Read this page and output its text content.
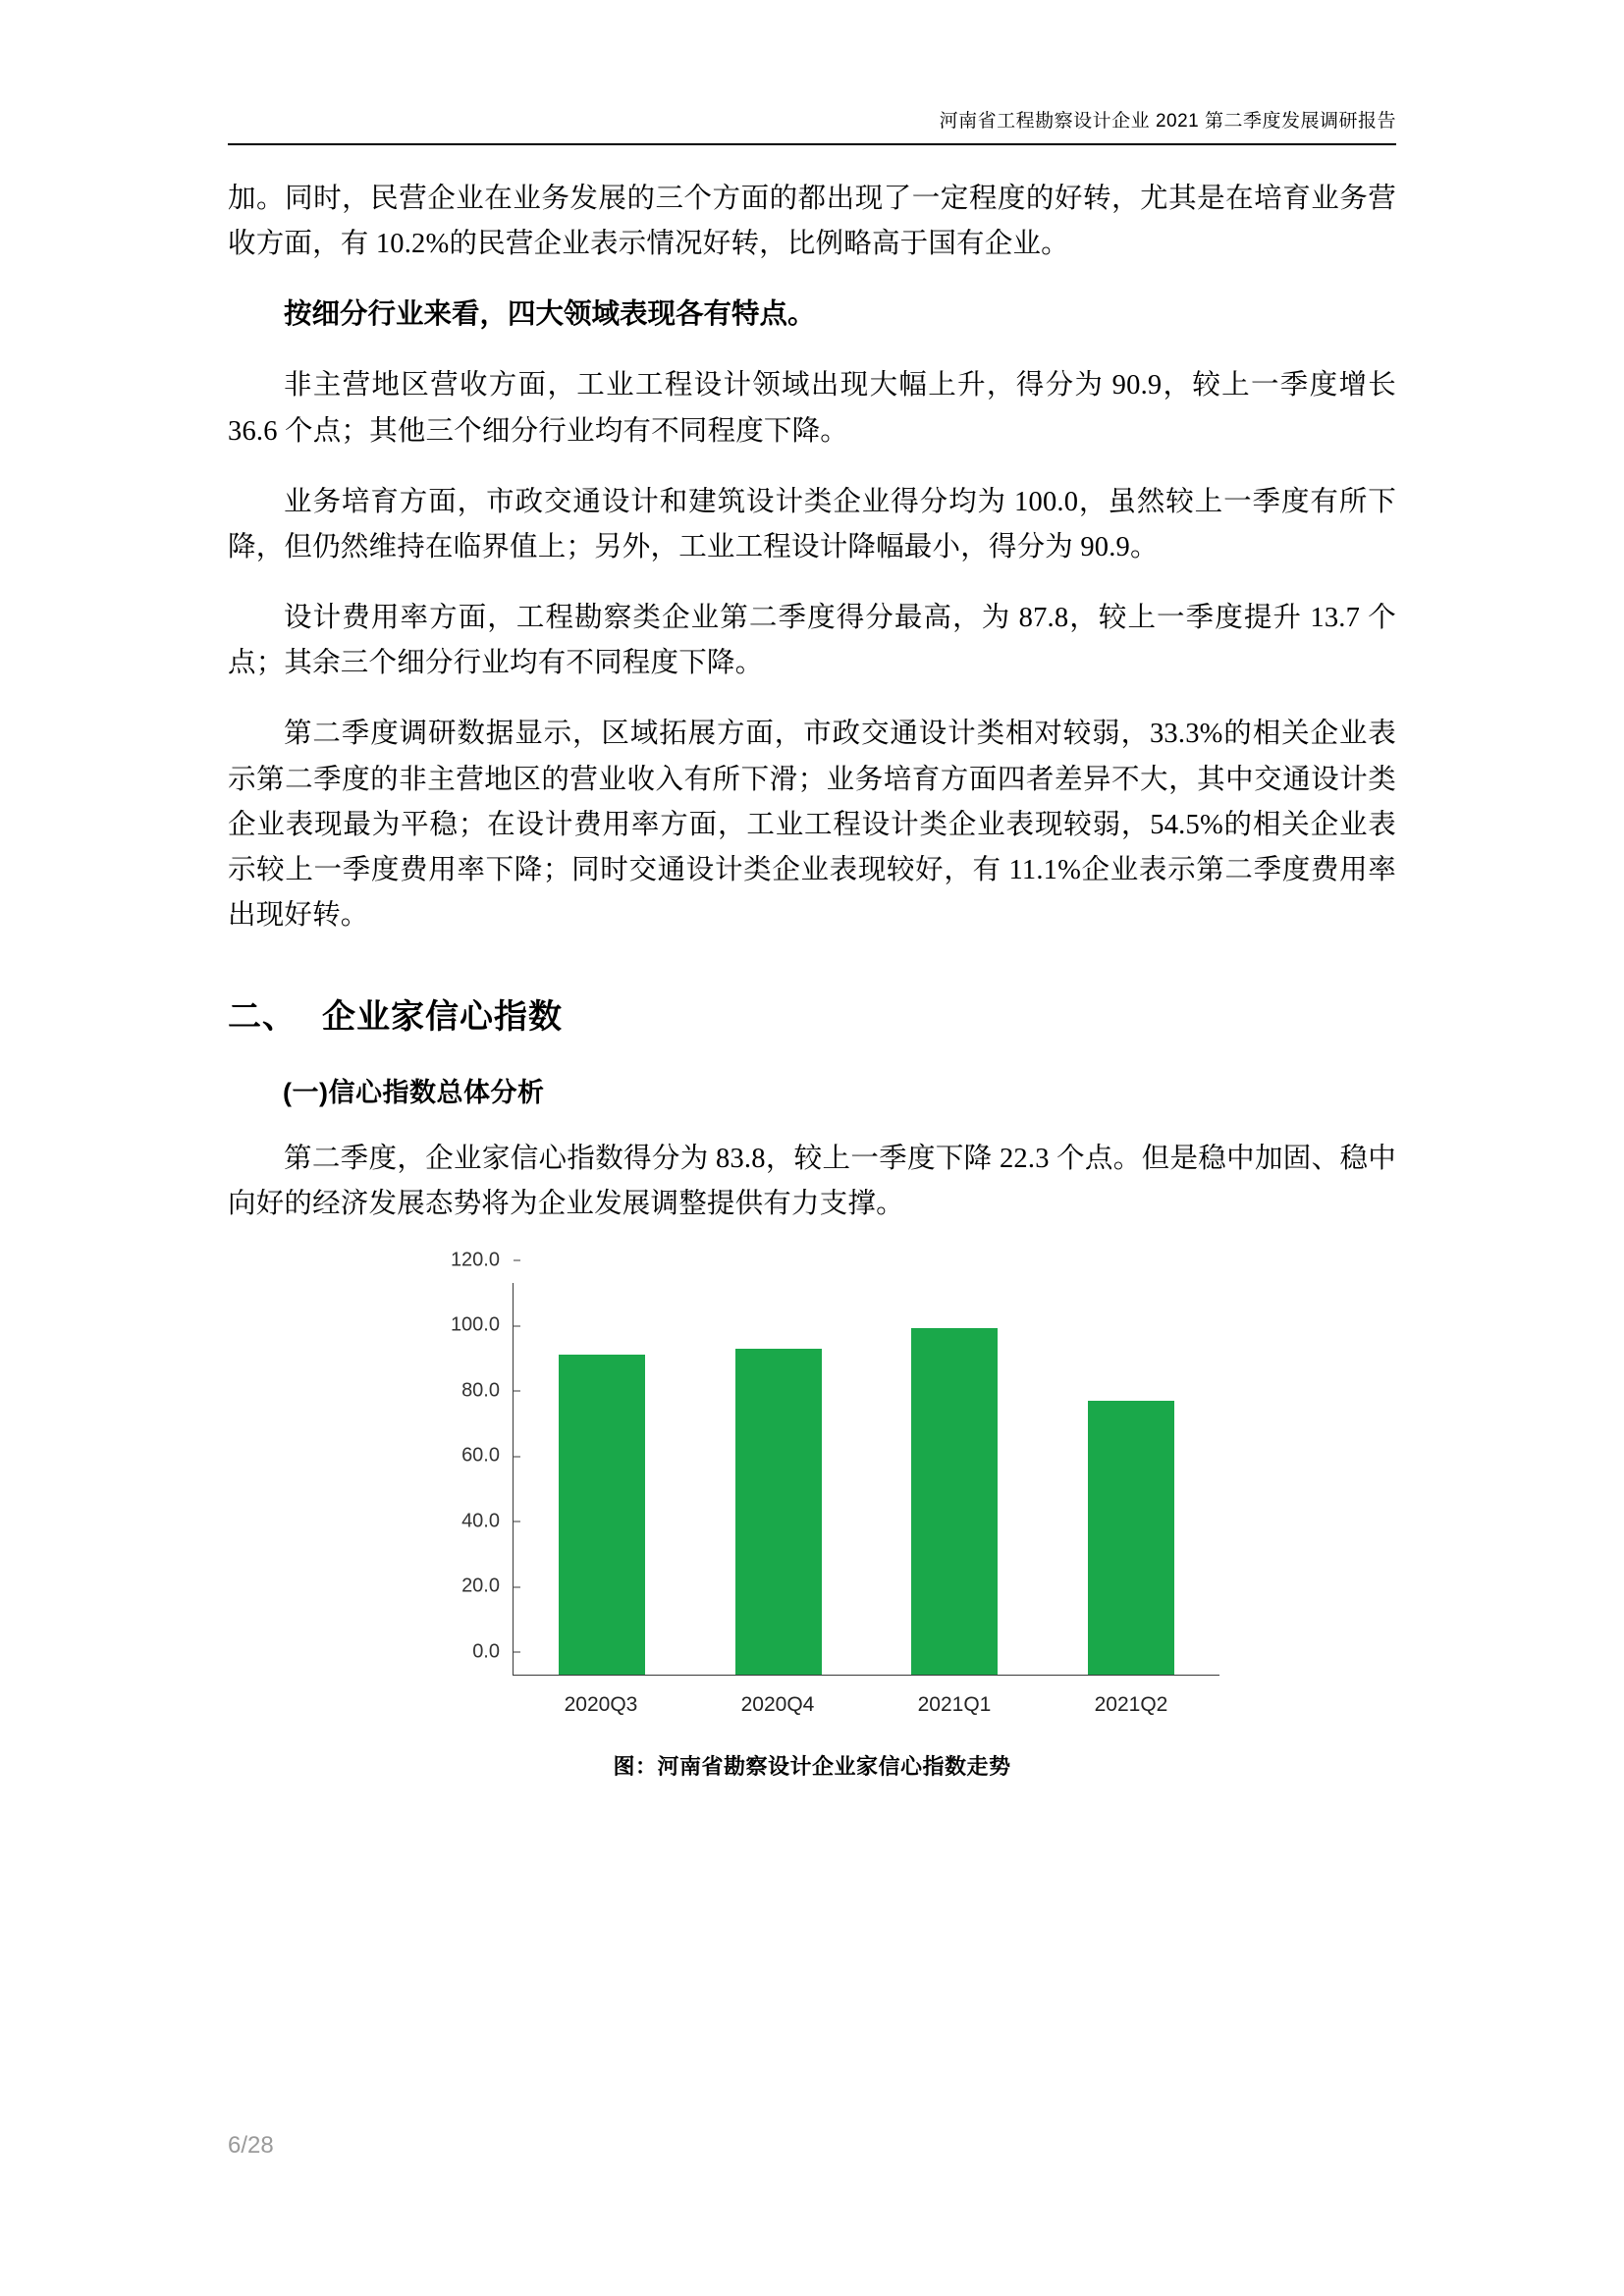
河南省工程勘察设计企业 2021 第二季度发展调研报告

加。同时，民营企业在业务发展的三个方面的都出现了一定程度的好转，尤其是在培育业务营收方面，有 10.2%的民营企业表示情况好转，比例略高于国有企业。

按细分行业来看，四大领域表现各有特点。

非主营地区营收方面，工业工程设计领域出现大幅上升，得分为 90.9，较上一季度增长 36.6 个点；其他三个细分行业均有不同程度下降。

业务培育方面，市政交通设计和建筑设计类企业得分均为 100.0，虽然较上一季度有所下降，但仍然维持在临界值上；另外，工业工程设计降幅最小，得分为 90.9。

设计费用率方面，工程勘察类企业第二季度得分最高，为 87.8，较上一季度提升 13.7 个点；其余三个细分行业均有不同程度下降。

第二季度调研数据显示，区域拓展方面，市政交通设计类相对较弱，33.3%的相关企业表示第二季度的非主营地区的营业收入有所下滑；业务培育方面四者差异不大，其中交通设计类企业表现最为平稳；在设计费用率方面，工业工程设计类企业表现较弱，54.5%的相关企业表示较上一季度费用率下降；同时交通设计类企业表现较好，有 11.1%企业表示第二季度费用率出现好转。

二、 企业家信心指数
(一)信心指数总体分析

第二季度，企业家信心指数得分为 83.8，较上一季度下降 22.3 个点。但是稳中加固、稳中向好的经济发展态势将为企业发展调整提供有力支撑。

0.0
20.0
40.0
60.0
80.0
100.0
120.0
2020Q3	2020Q4	2021Q1	2021Q2
图：河南省勘察设计企业家信心指数走势
6/28
